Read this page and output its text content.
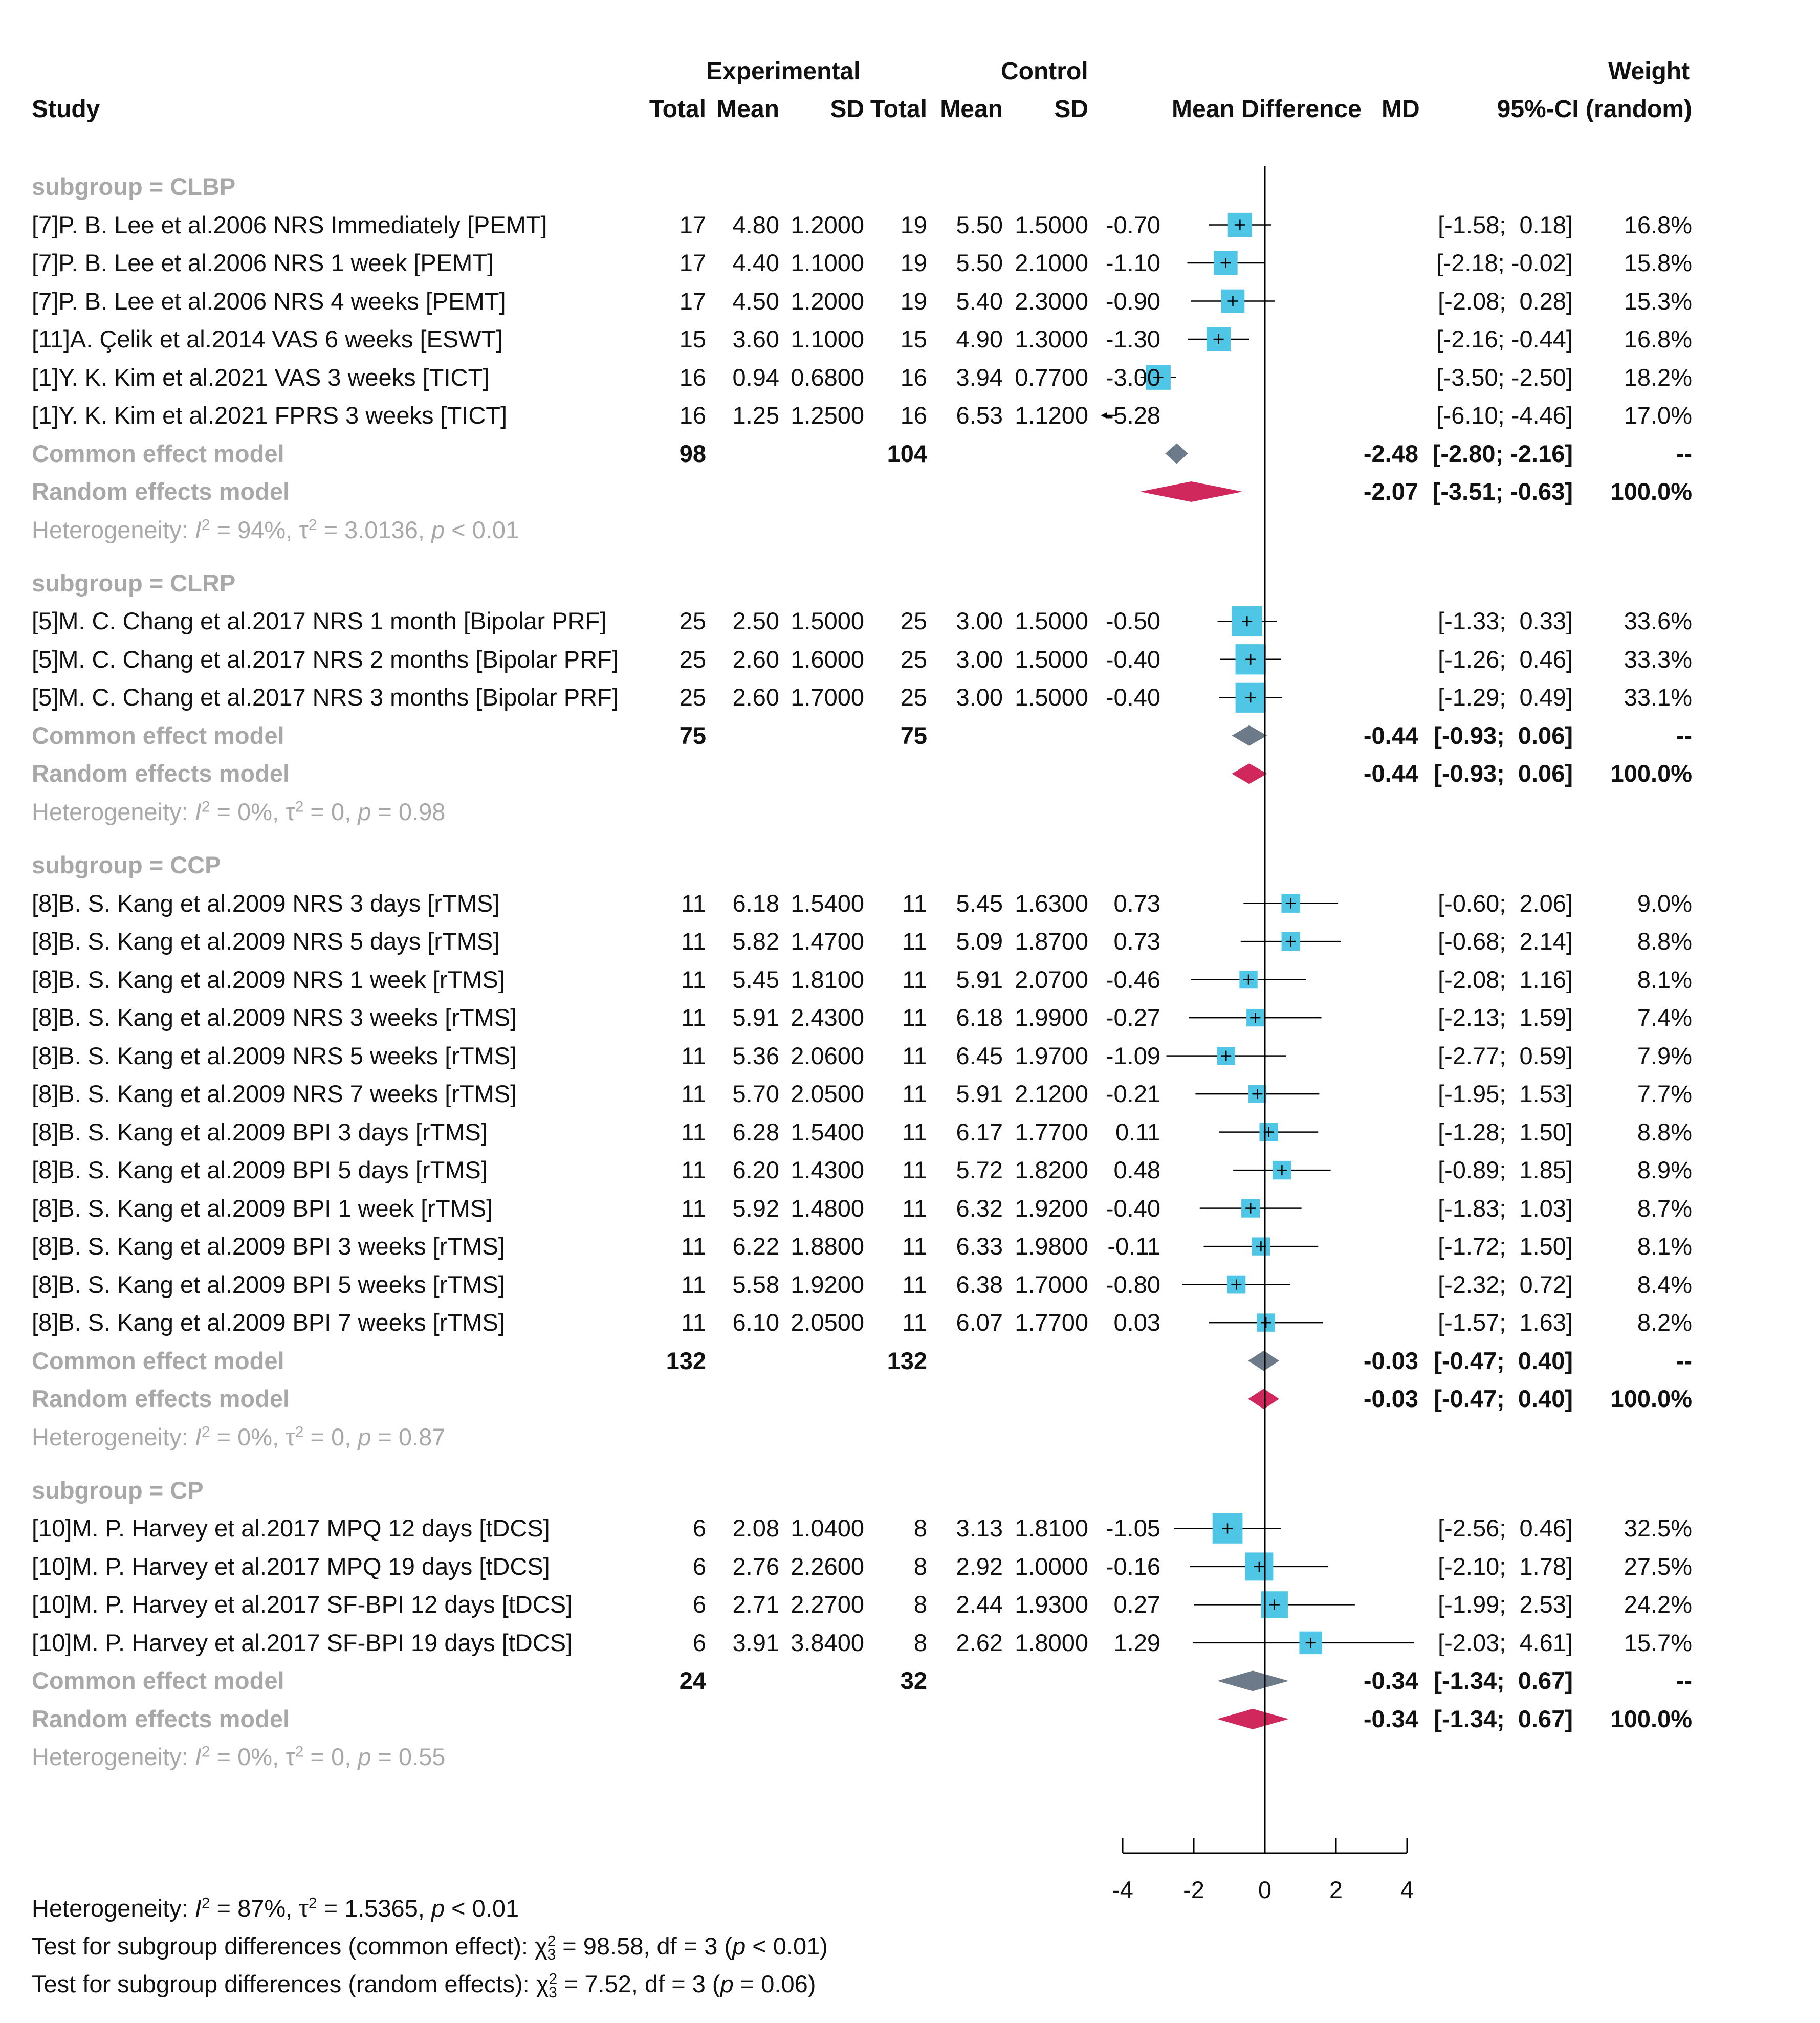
Experimental	Control	Weight
Study	Total Mean SD Total Mean SD	Mean Difference MD	95%-CI (random)
-4 -2 0 2 4
subgroup = CLBP
[7]P. B. Lee et al.2006 NRS Immediately [PEMT]	17 4.80 1.2000 19 5.50 1.5000 -0.70	[-1.58;  0.18] 16.8%
[7]P. B. Lee et al.2006 NRS 1 week [PEMT]	17 4.40 1.1000 19 5.50 2.1000 -1.10	[-2.18; -0.02] 15.8%
[7]P. B. Lee et al.2006 NRS 4 weeks [PEMT]	17 4.50 1.2000 19 5.40 2.3000 -0.90	[-2.08;  0.28] 15.3%
[11]A. Çelik et al.2014 VAS 6 weeks [ESWT]	15 3.60 1.1000 15 4.90 1.3000 -1.30	[-2.16; -0.44] 16.8%
[1]Y. K. Kim et al.2021 VAS 3 weeks [TICT]	16 0.94 0.6800 16 3.94 0.7700 -3.00	[-3.50; -2.50] 18.2%
[1]Y. K. Kim et al.2021 FPRS 3 weeks [TICT]	16 1.25 1.2500 16 6.53 1.1200 -5.28	[-6.10; -4.46] 17.0%
Common effect model	98	104	-2.48 [-2.80; -2.16]	--
Random effects model	-2.07 [-3.51; -0.63] 100.0%
Heterogeneity: $I^2 = 94\%$, $\tau^2 = 3.0136$, p < 0.01
subgroup = CLRP
[5]M. C. Chang et al.2017 NRS 1 month [Bipolar PRF]	25 2.50 1.5000 25 3.00 1.5000 -0.50	[-1.33;  0.33] 33.6%
[5]M. C. Chang et al.2017 NRS 2 months [Bipolar PRF]	25 2.60 1.6000 25 3.00 1.5000 -0.40	[-1.26;  0.46] 33.3%
[5]M. C. Chang et al.2017 NRS 3 months [Bipolar PRF]	25 2.60 1.7000 25 3.00 1.5000 -0.40	[-1.29;  0.49] 33.1%
Common effect model	75	75	-0.44 [-0.93;  0.06]	--
Random effects model	-0.44 [-0.93;  0.06] 100.0%
Heterogeneity: $I^2 = 0\%$, $\tau^2 = 0$, p = 0.98
subgroup = CCP
[8]B. S. Kang et al.2009 NRS 3 days [rTMS]	11 6.18 1.5400 11 5.45 1.6300 0.73	[-0.60;  2.06]	9.0%
[8]B. S. Kang et al.2009 NRS 5 days [rTMS]	11 5.82 1.4700 11 5.09 1.8700 0.73	[-0.68;  2.14]	8.8%
[8]B. S. Kang et al.2009 NRS 1 week [rTMS]	11 5.45 1.8100 11 5.91 2.0700 -0.46	[-2.08;  1.16]	8.1%
[8]B. S. Kang et al.2009 NRS 3 weeks [rTMS]	11 5.91 2.4300 11 6.18 1.9900 -0.27	[-2.13;  1.59]	7.4%
[8]B. S. Kang et al.2009 NRS 5 weeks [rTMS]	11 5.36 2.0600 11 6.45 1.9700 -1.09	[-2.77;  0.59]	7.9%
[8]B. S. Kang et al.2009 NRS 7 weeks [rTMS]	11 5.70 2.0500 11 5.91 2.1200 -0.21	[-1.95;  1.53]	7.7%
[8]B. S. Kang et al.2009 BPI 3 days [rTMS]	11 6.28 1.5400 11 6.17 1.7700 0.11	[-1.28;  1.50]	8.8%
[8]B. S. Kang et al.2009 BPI 5 days [rTMS]	11 6.20 1.4300 11 5.72 1.8200 0.48	[-0.89;  1.85]	8.9%
[8]B. S. Kang et al.2009 BPI 1 week [rTMS]	11 5.92 1.4800 11 6.32 1.9200 -0.40	[-1.83;  1.03]	8.7%
[8]B. S. Kang et al.2009 BPI 3 weeks [rTMS]	11 6.22 1.8800 11 6.33 1.9800 -0.11	[-1.72;  1.50]	8.1%
[8]B. S. Kang et al.2009 BPI 5 weeks [rTMS]	11 5.58 1.9200 11 6.38 1.7000 -0.80	[-2.32;  0.72]	8.4%
[8]B. S. Kang et al.2009 BPI 7 weeks [rTMS]	11 6.10 2.0500 11 6.07 1.7700 0.03	[-1.57;  1.63]	8.2%
Common effect model	132	132	-0.03 [-0.47;  0.40]	--
Random effects model	-0.03 [-0.47;  0.40] 100.0%
Heterogeneity: $I^2 = 0\%$, $\tau^2 = 0$, p = 0.87
subgroup = CP
[10]M. P. Harvey et al.2017 MPQ 12 days [tDCS]	6 2.08 1.0400 8 3.13 1.8100 -1.05	[-2.56;  0.46] 32.5%
[10]M. P. Harvey et al.2017 MPQ 19 days [tDCS]	6 2.76 2.2600 8 2.92 1.0000 -0.16	[-2.10;  1.78] 27.5%
[10]M. P. Harvey et al.2017 SF-BPI 12 days [tDCS]	6 2.71 2.2700 8 2.44 1.9300 0.27	[-1.99;  2.53] 24.2%
[10]M. P. Harvey et al.2017 SF-BPI 19 days [tDCS]	6 3.91 3.8400 8 2.62 1.8000 1.29	[-2.03;  4.61] 15.7%
Common effect model	24	32	-0.34 [-1.34;  0.67]	--
Random effects model	-0.34 [-1.34;  0.67] 100.0%
Heterogeneity: $I^2 = 0\%$, $\tau^2 = 0$, p = 0.55
Heterogeneity: $I^2 = 87\%$, $\tau^2 = 1.5365$, p < 0.01
Test for subgroup differences (common effect): $\chi^2_3 = 98.58$, df = 3 (p < 0.01)
Test for subgroup differences (random effects): $\chi^2_3 = 7.52$, df = 3 (p = 0.06)
